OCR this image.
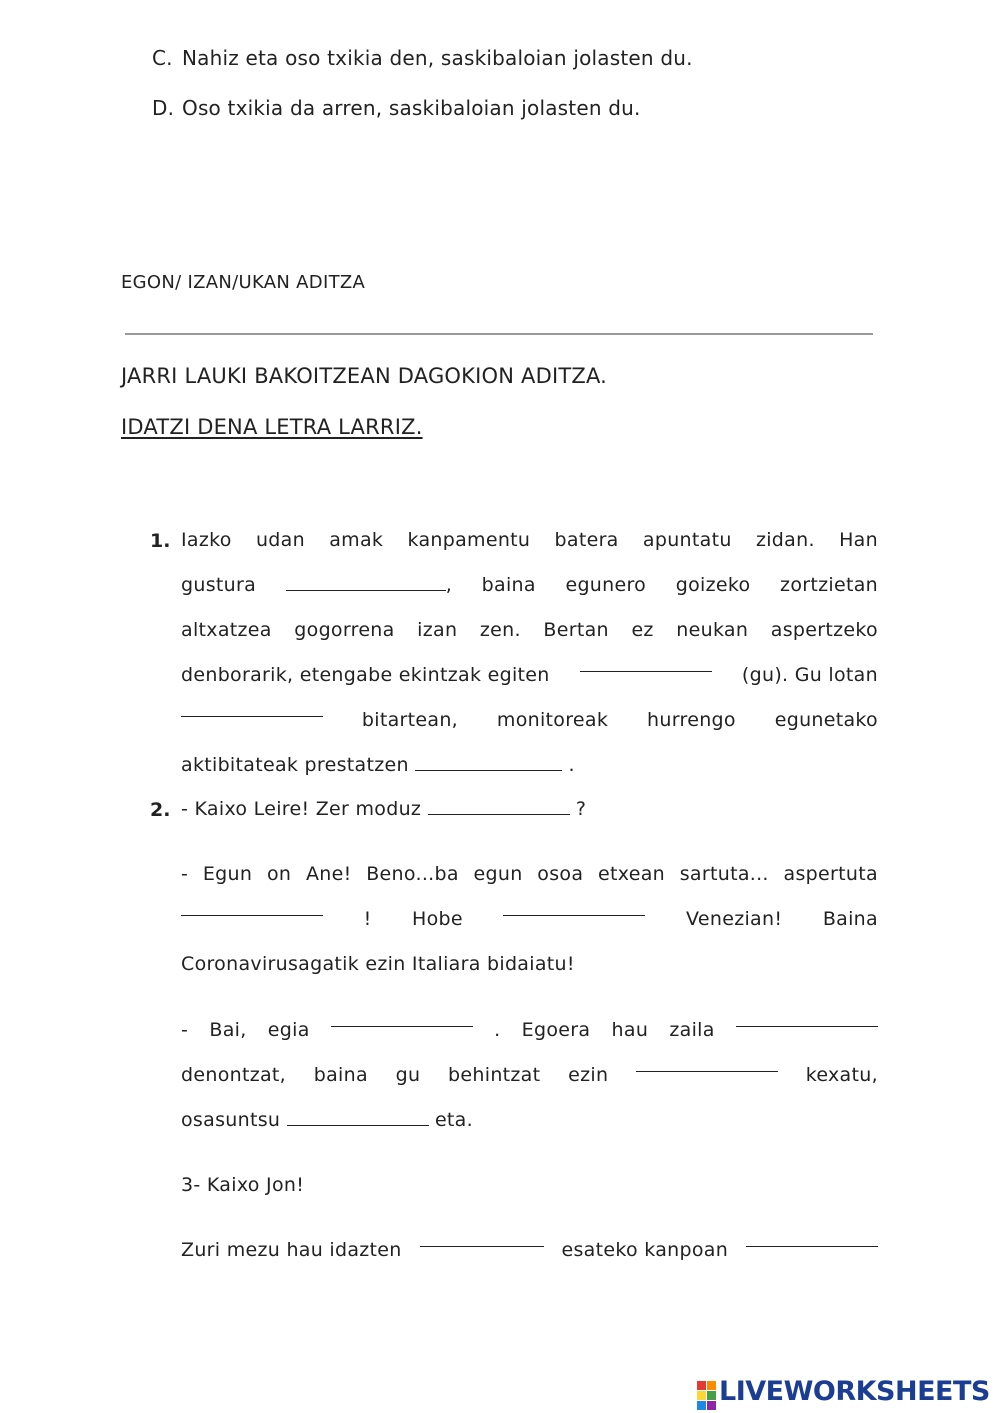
C. Nahiz eta oso txikia den, saskibaloian jolasten du.
D. Oso txikia da arren, saskibaloian jolasten du.
EGON/ IZAN/UKAN ADITZA
JARRI LAUKI BAKOITZEAN DAGOKION ADITZA.
IDATZI DENA LETRA LARRIZ.
1. Iazko udan amak kanpamentu batera apuntatu zidan. Han
gustura	, baina egunero goizeko zortzietan
altxatzea gogorrena izan zen. Bertan ez neukan aspertzeko
denborarik, etengabe ekintzak egiten	(gu). Gu lotan
bitartean, monitoreak hurrengo egunetako
aktibitateak prestatzen	.
2. - Kaixo Leire! Zer moduz	?
- Egun on Ane! Beno...ba egun osoa etxean sartuta... aspertuta
! Hobe	Venezian! Baina
Coronavirusagatik ezin Italiara bidaiatu!
- Bai, egia	. Egoera hau zaila
denontzat, baina gu behintzat ezin	kexatu,
osasuntsu	eta.
3- Kaixo Jon!
Zuri mezu hau idazten	esateko kanpoan
LIVEWORKSHEETS
